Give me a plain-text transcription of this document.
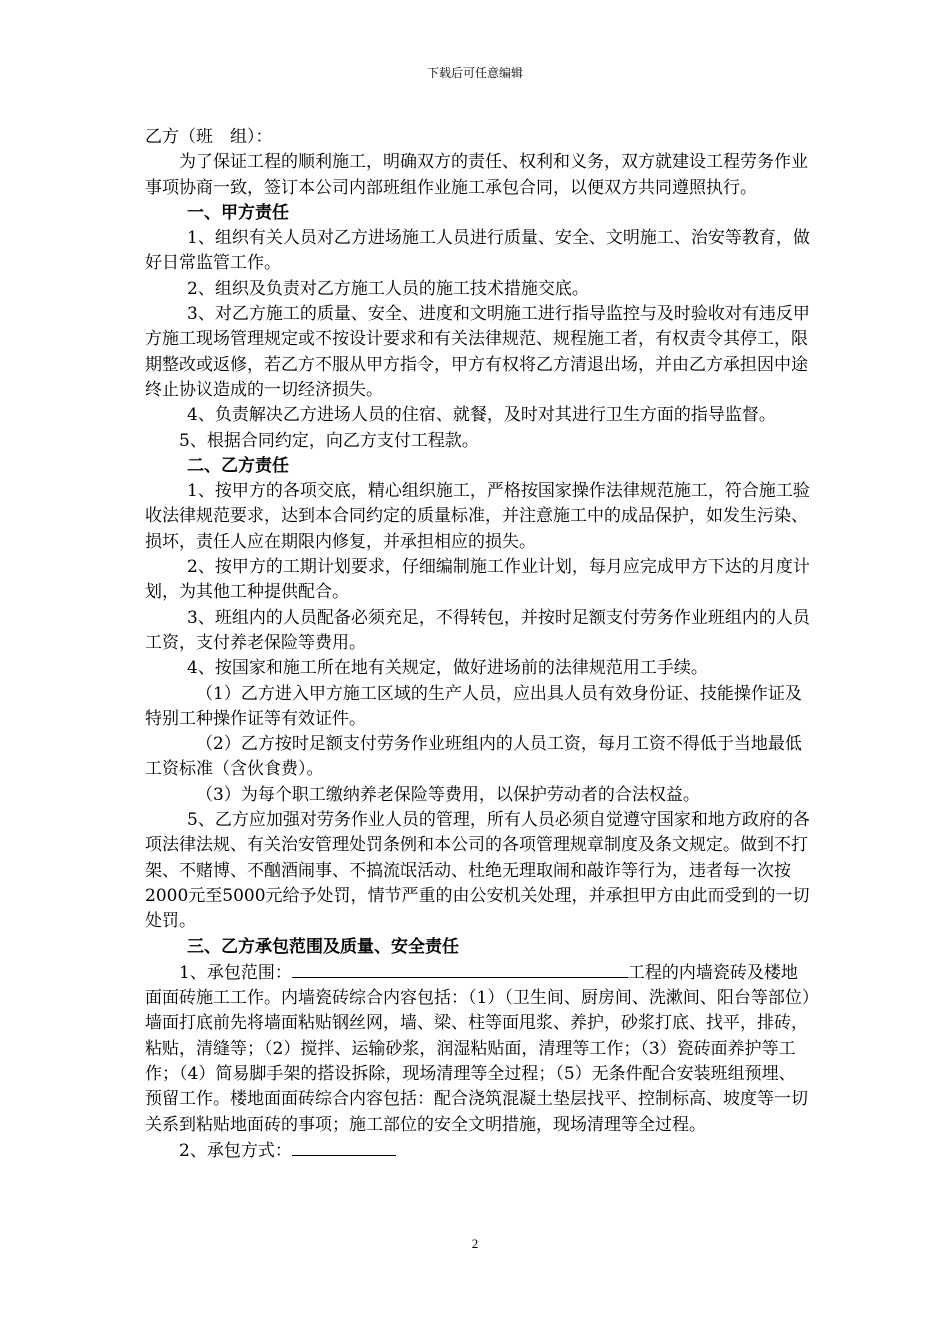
下载后可任意编辑

乙方（班　组）：

为了保证工程的顺利施工，明确双方的责任、权利和义务，双方就建设工程劳务作业事项协商一致，签订本公司内部班组作业施工承包合同，以便双方共同遵照执行。

一、甲方责任

1、组织有关人员对乙方进场施工人员进行质量、安全、文明施工、治安等教育，做好日常监管工作。

2、组织及负责对乙方施工人员的施工技术措施交底。

3、对乙方施工的质量、安全、进度和文明施工进行指导监控与及时验收对有违反甲方施工现场管理规定或不按设计要求和有关法律规范、规程施工者，有权责令其停工，限期整改或返修，若乙方不服从甲方指令，甲方有权将乙方清退出场，并由乙方承担因中途终止协议造成的一切经济损失。

4、负责解决乙方进场人员的住宿、就餐，及时对其进行卫生方面的指导监督。

5、根据合同约定，向乙方支付工程款。

二、乙方责任

1、按甲方的各项交底，精心组织施工，严格按国家操作法律规范施工，符合施工验收法律规范要求，达到本合同约定的质量标准，并注意施工中的成品保护，如发生污染、损坏，责任人应在期限内修复，并承担相应的损失。

2、按甲方的工期计划要求，仔细编制施工作业计划，每月应完成甲方下达的月度计划，为其他工种提供配合。

3、班组内的人员配备必须充足，不得转包，并按时足额支付劳务作业班组内的人员工资，支付养老保险等费用。

4、按国家和施工所在地有关规定，做好进场前的法律规范用工手续。

（1）乙方进入甲方施工区域的生产人员，应出具人员有效身份证、技能操作证及特别工种操作证等有效证件。

（2）乙方按时足额支付劳务作业班组内的人员工资，每月工资不得低于当地最低工资标准（含伙食费）。

（3）为每个职工缴纳养老保险等费用，以保护劳动者的合法权益。

5、乙方应加强对劳务作业人员的管理，所有人员必须自觉遵守国家和地方政府的各项法律法规、有关治安管理处罚条例和本公司的各项管理规章制度及条文规定。做到不打架、不赌博、不酗酒闹事、不搞流氓活动、杜绝无理取闹和敲诈等行为，违者每一次按2000元至5000元给予处罚，情节严重的由公安机关处理，并承担甲方由此而受到的一切处罚。

三、乙方承包范围及质量、安全责任

1、承包范围：	工程的内墙瓷砖及楼地面面砖施工工作。内墙瓷砖综合内容包括：（1）（卫生间、厨房间、洗漱间、阳台等部位）墙面打底前先将墙面粘贴钢丝网，墙、梁、柱等面甩浆、养护，砂浆打底、找平，排砖，粘贴，清缝等；（2）搅拌、运输砂浆，润湿粘贴面，清理等工作；（3）瓷砖面养护等工作；（4）简易脚手架的搭设拆除，现场清理等全过程；（5）无条件配合安装班组预埋、预留工作。楼地面面砖综合内容包括：配合浇筑混凝土垫层找平、控制标高、坡度等一切关系到粘贴地面砖的事项；施工部位的安全文明措施，现场清理等全过程。

2、承包方式：

2
